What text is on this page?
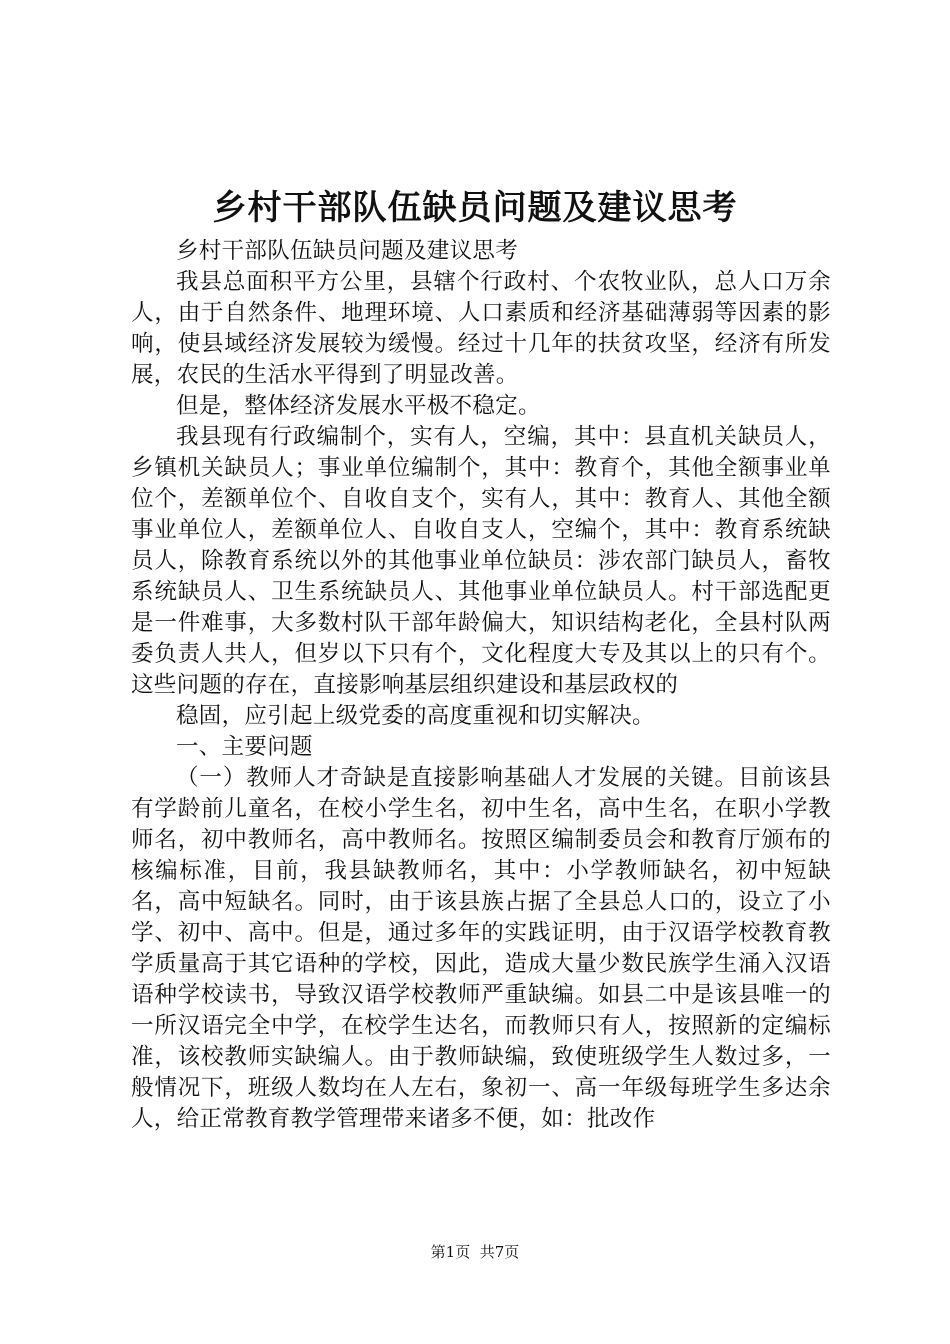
乡村干部队伍缺员问题及建议思考

乡村干部队伍缺员问题及建议思考

我县总面积平方公里，县辖个行政村、个农牧业队，总人口万余人，由于自然条件、地理环境、人口素质和经济基础薄弱等因素的影响，使县域经济发展较为缓慢。经过十几年的扶贫攻坚，经济有所发展，农民的生活水平得到了明显改善。

但是，整体经济发展水平极不稳定。

我县现有行政编制个，实有人，空编，其中：县直机关缺员人，乡镇机关缺员人；事业单位编制个，其中：教育个，其他全额事业单位个，差额单位个、自收自支个，实有人，其中：教育人、其他全额事业单位人，差额单位人、自收自支人，空编个，其中：教育系统缺员人，除教育系统以外的其他事业单位缺员：涉农部门缺员人，畜牧系统缺员人、卫生系统缺员人、其他事业单位缺员人。村干部选配更是一件难事，大多数村队干部年龄偏大，知识结构老化，全县村队两委负责人共人，但岁以下只有个，文化程度大专及其以上的只有个。这些问题的存在，直接影响基层组织建设和基层政权的

稳固，应引起上级党委的高度重视和切实解决。

一、主要问题

（一）教师人才奇缺是直接影响基础人才发展的关键。目前该县有学龄前儿童名，在校小学生名，初中生名，高中生名，在职小学教师名，初中教师名，高中教师名。按照区编制委员会和教育厅颁布的核编标准，目前，我县缺教师名，其中：小学教师缺名，初中短缺名，高中短缺名。同时，由于该县族占据了全县总人口的，设立了小学、初中、高中。但是，通过多年的实践证明，由于汉语学校教育教学质量高于其它语种的学校，因此，造成大量少数民族学生涌入汉语语种学校读书，导致汉语学校教师严重缺编。如县二中是该县唯一的一所汉语完全中学，在校学生达名，而教师只有人，按照新的定编标准，该校教师实缺编人。由于教师缺编，致使班级学生人数过多，一般情况下，班级人数均在人左右，象初一、高一年级每班学生多达余人，给正常教育教学管理带来诸多不便，如：批改作

第1页 共7页
